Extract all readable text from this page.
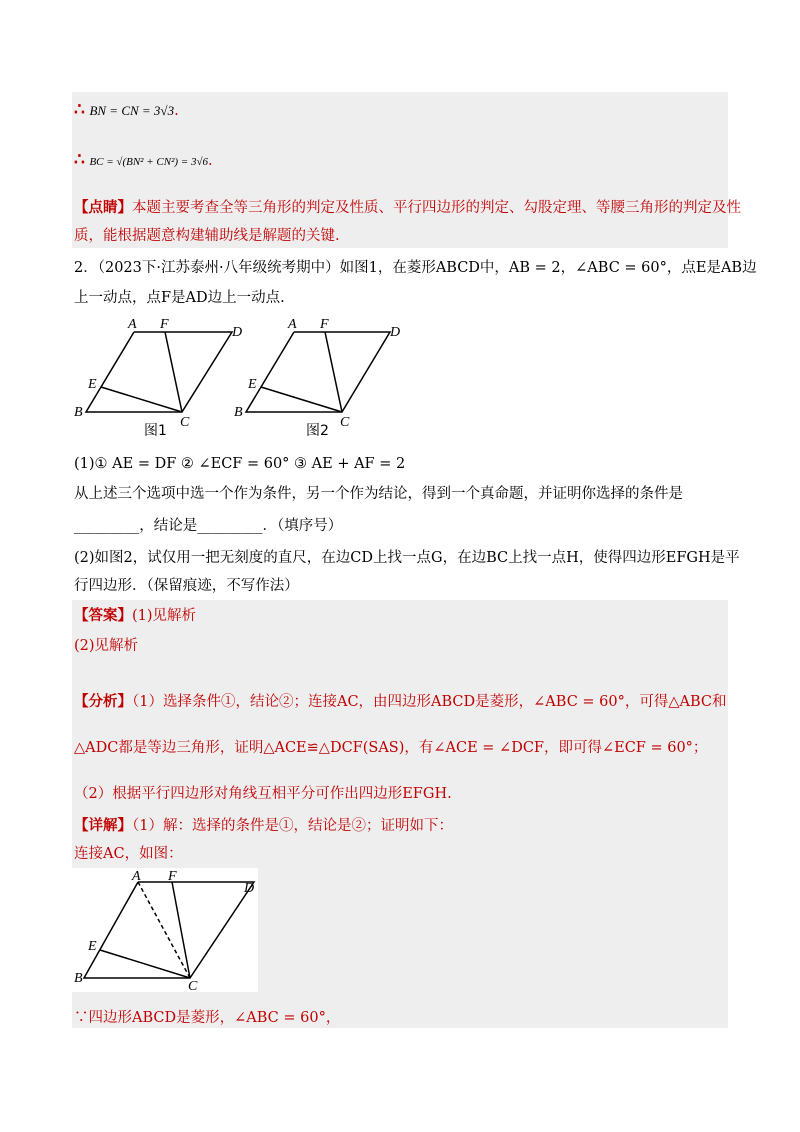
∴ BN = CN = 3√3.
∴ BC = √(BN² + CN²) = 3√6.
【点睛】本题主要考查全等三角形的判定及性质、平行四边形的判定、勾股定理、等腰三角形的判定及性
质，能根据题意构建辅助线是解题的关键.
2．（2023下·江苏泰州·八年级统考期中）如图1，在菱形ABCD中，AB = 2，∠ABC = 60°，点E是AB边
上一动点，点F是AD边上一动点.
A F
D
E
B
C
图1
A F
D
E
B
C
图2
(1)① AE = DF ② ∠ECF = 60° ③ AE + AF = 2
从上述三个选项中选一个作为条件，另一个作为结论，得到一个真命题，并证明你选择的条件是
_________，结论是_________．（填序号）
(2)如图2，试仅用一把无刻度的直尺，在边CD上找一点G，在边BC上找一点H，使得四边形EFGH是平
行四边形．（保留痕迹，不写作法）
【答案】(1)见解析
(2)见解析
【分析】（1）选择条件①，结论②；连接AC，由四边形ABCD是菱形，∠ABC = 60°，可得△ABC和
△ADC都是等边三角形，证明△ACE≌△DCF(SAS)，有∠ACE = ∠DCF，即可得∠ECF = 60°；
（2）根据平行四边形对角线互相平分可作出四边形EFGH.
【详解】（1）解：选择的条件是①，结论是②；证明如下：
连接AC，如图：
A F
D
E
B
C
∵四边形ABCD是菱形，∠ABC = 60°，
